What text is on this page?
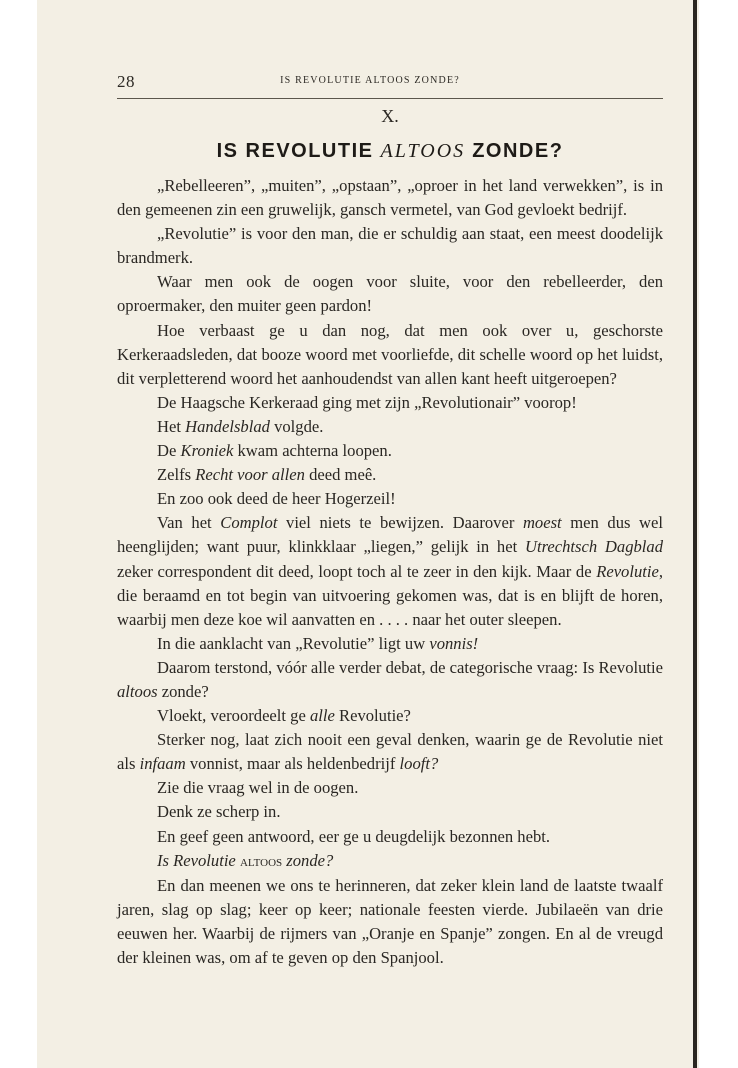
28	IS REVOLUTIE ALTOOS ZONDE?
X.
IS REVOLUTIE ALTOOS ZONDE?

„Rebelleeren”, „muiten”, „opstaan”, „oproer in het land verwekken”, is in den gemeenen zin een gruwelijk, gansch vermetel, van God gevloekt bedrijf.

„Revolutie” is voor den man, die er schuldig aan staat, een meest doodelijk brandmerk.

Waar men ook de oogen voor sluite, voor den rebelleerder, den oproermaker, den muiter geen pardon!

Hoe verbaast ge u dan nog, dat men ook over u, geschorste Kerkeraadsleden, dat booze woord met voorliefde, dit schelle woord op het luidst, dit verpletterend woord het aanhoudendst van allen kant heeft uitgeroepen?

De Haagsche Kerkeraad ging met zijn „Revolutionair” voorop!

Het Handelsblad volgde.

De Kroniek kwam achterna loopen.

Zelfs Recht voor allen deed meê.

En zoo ook deed de heer Hogerzeil!

Van het Complot viel niets te bewijzen. Daarover moest men dus wel heenglijden; want puur, klinkklaar „liegen,” gelijk in het Utrechtsch Dagblad zeker correspondent dit deed, loopt toch al te zeer in den kijk. Maar de Revolutie, die beraamd en tot begin van uitvoering gekomen was, dat is en blijft de horen, waarbij men deze koe wil aanvatten en . . . . naar het outer sleepen.

In die aanklacht van „Revolutie” ligt uw vonnis!

Daarom terstond, vóór alle verder debat, de categorische vraag: Is Revolutie altoos zonde?

Vloekt, veroordeelt ge alle Revolutie?

Sterker nog, laat zich nooit een geval denken, waarin ge de Revolutie niet als infaam vonnist, maar als heldenbedrijf looft?

Zie die vraag wel in de oogen.

Denk ze scherp in.

En geef geen antwoord, eer ge u deugdelijk bezonnen hebt.

Is Revolutie altoos zonde?

En dan meenen we ons te herinneren, dat zeker klein land de laatste twaalf jaren, slag op slag; keer op keer; nationale feesten vierde. Jubilaeën van drie eeuwen her. Waarbij de rijmers van „Oranje en Spanje” zongen. En al de vreugd der kleinen was, om af te geven op den Spanjool.
